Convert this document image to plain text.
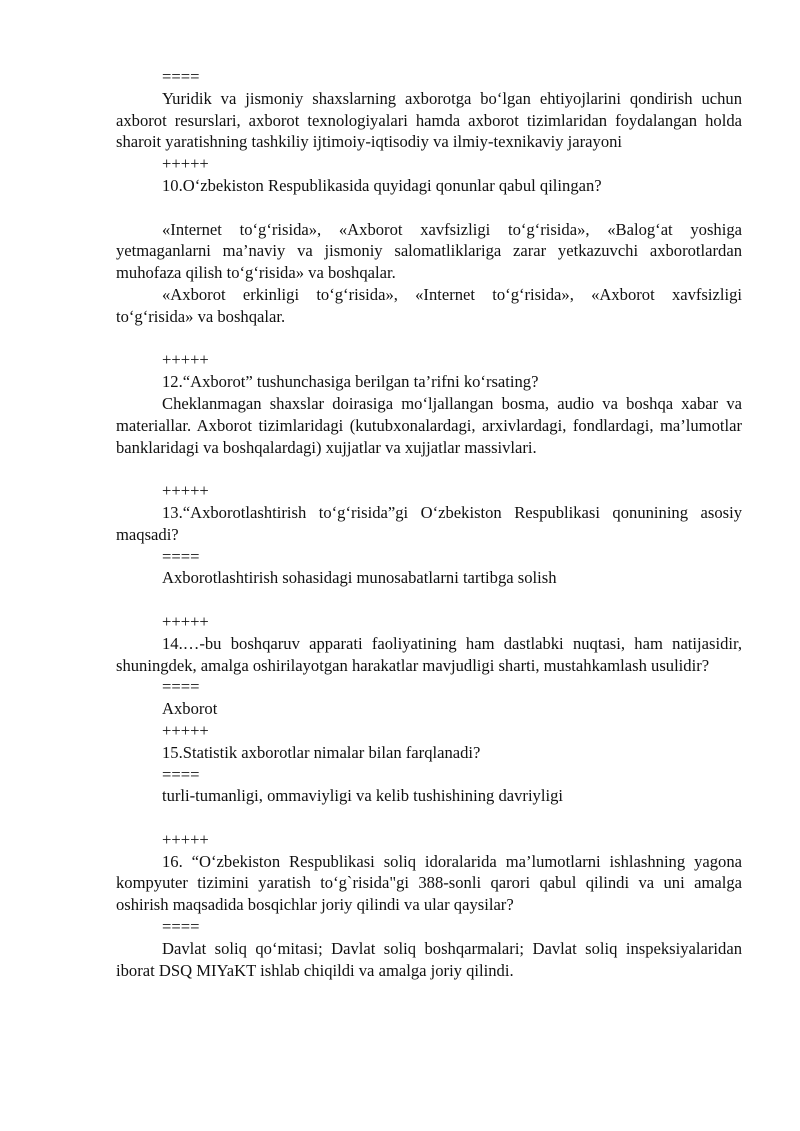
====

Yuridik va jismoniy shaxslarning axborotga bo‘lgan ehtiyojlarini qondirish uchun axborot resurslari, axborot texnologiyalari hamda axborot tizimlaridan foydalangan holda sharoit yaratishning tashkiliy ijtimoiy-iqtisodiy va ilmiy-texnikaviy jarayoni

+++++

10.O‘zbekiston Respublikasida quyidagi qonunlar qabul qilingan?

«Internet to‘g‘risida», «Axborot xavfsizligi to‘g‘risida», «Balog‘at yoshiga yetmaganlarni ma’naviy va jismoniy salomatliklariga zarar yetkazuvchi axborotlardan muhofaza qilish to‘g‘risida» va boshqalar.

«Axborot erkinligi to‘g‘risida», «Internet to‘g‘risida», «Axborot xavfsizligi to‘g‘risida» va boshqalar.

+++++

12.“Axborot” tushunchasiga berilgan ta’rifni ko‘rsating?

Cheklanmagan shaxslar doirasiga mo‘ljallangan bosma, audio va boshqa xabar va materiallar. Axborot tizimlaridagi (kutubxonalardagi, arxivlardagi, fondlardagi, ma’lumotlar banklaridagi va boshqalardagi) xujjatlar va xujjatlar massivlari.

+++++

13.“Axborotlashtirish to‘g‘risida”gi O‘zbekiston Respublikasi qonunining asosiy maqsadi?

====

Axborotlashtirish sohasidagi munosabatlarni tartibga solish

+++++

14.…-bu boshqaruv apparati faoliyatining ham dastlabki nuqtasi, ham natijasidir, shuningdek, amalga oshirilayotgan harakatlar mavjudligi sharti, mustahkamlash usulidir?

====

Axborot

+++++

15.Statistik axborotlar nimalar bilan farqlanadi?

====

turli-tumanligi, ommaviyligi va kelib tushishining davriyligi

+++++

16. “O‘zbekiston Respublikasi soliq idoralarida ma’lumotlarni ishlashning yagona kompyuter tizimini yaratish to‘g`risida"gi 388-sonli qarori qabul qilindi va uni amalga oshirish maqsadida bosqichlar joriy qilindi va ular qaysilar?

====

Davlat soliq qo‘mitasi; Davlat soliq boshqarmalari; Davlat soliq inspeksiyalaridan iborat DSQ MIYaKT ishlab chiqildi va amalga joriy qilindi.
